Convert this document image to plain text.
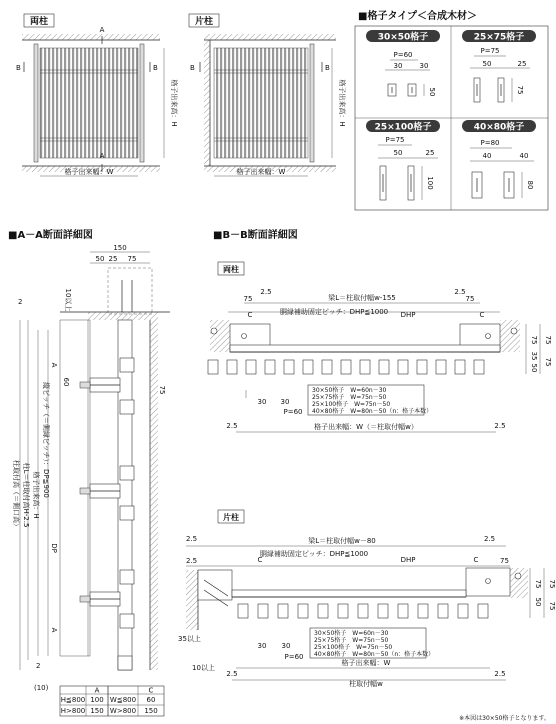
両柱
A
A
B	B
格子出来高：H
格子出来幅：W
片柱
B	B
格子出来高：H
格子出来幅：W
■格子タイプ＜合成木材＞
30×50格子
P=60
30 30
50
25×75格子
P=75
50	25
75
25×100格子
P=75
50	25
100
40×80格子
P=80
40	40
80
■A－A断面詳細図
150
50 25 75
2	10以上
柱取付高（＝側口高） 柱L＝柱取付高H-2.5 格子出来高：H 縦ピッチ（＝側縁ピッチ）：DP≦900
A
DP
A
60
75
2
(10)	A	C
H≦800 100 W≦800 60
H>800 150 W>800 150
■B－B断面詳細図
両柱
2.5	2.5
梁L＝柱取付幅w-155
75	75
C	C
胴縁補助固定ピッチ：DHP≦1000 DHP
30 30
P=60
2.5	2.5
格子出来幅：W（＝柱取付幅w）
30×50格子　W=60n－30
25×75格子　W=75n－50
25×100格子　W=75n－50
40×80格子　W=80n－50（n：格子本数）
75
35
50
75
75
片柱
2.5	2.5
梁L＝柱取付幅w－80
2.5	75
C	C
胴縁補助固定ピッチ：DHP≦1000
DHP
35以上
30 30
P=60
10以上
30×50格子　W=60n－30
25×75格子　W=75n－50
25×100格子　W=75n－50
40×80格子　W=80n－50（n：格子本数）
格子出来幅：W
2.5	2.5
柱取付幅w
75
50
75
75
※本図は30×50格子となります。
